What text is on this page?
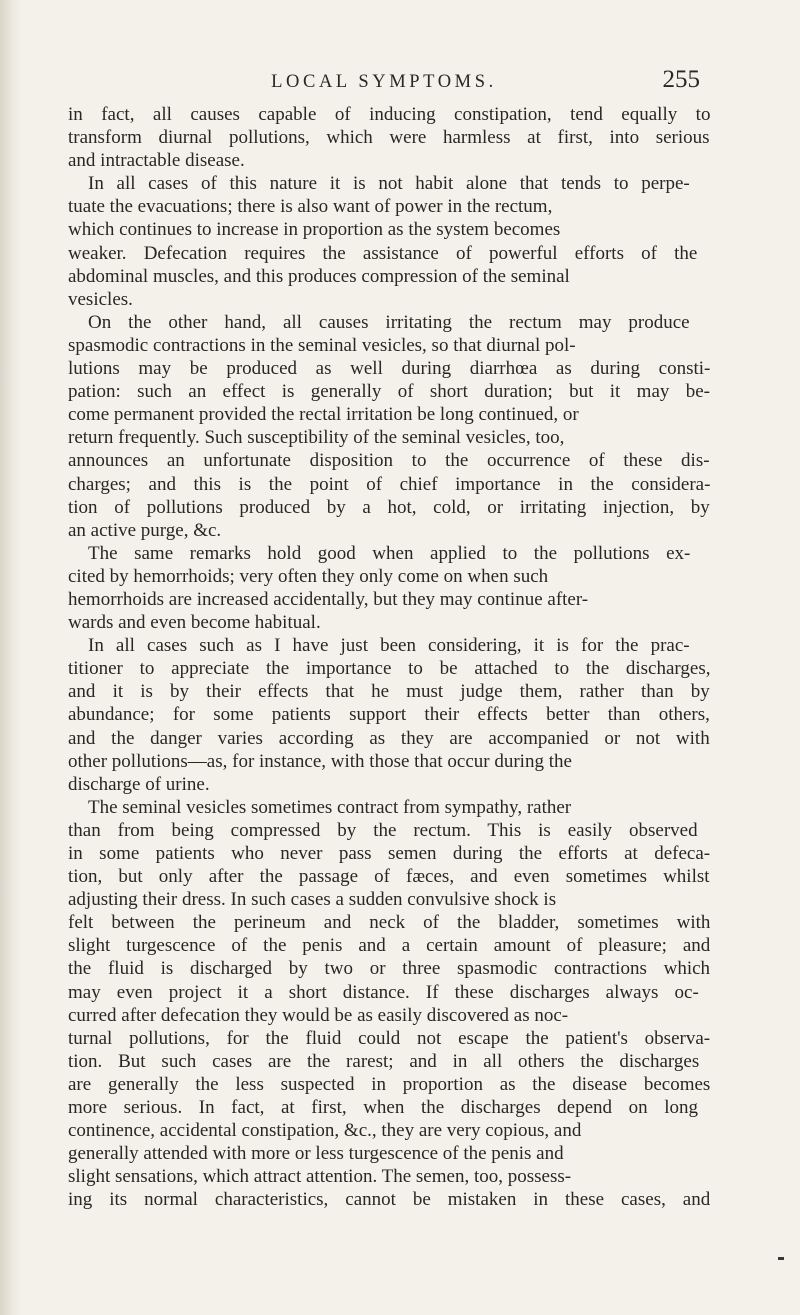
LOCAL SYMPTOMS.	255
in fact, all causes capable of inducing constipation, tend equally to
transform diurnal pollutions, which were harmless at first, into serious
and intractable disease.
In all cases of this nature it is not habit alone that tends to perpe-
tuate the evacuations; there is also want of power in the rectum,
which continues to increase in proportion as the system becomes
weaker. Defecation requires the assistance of powerful efforts of the
abdominal muscles, and this produces compression of the seminal
vesicles.
On the other hand, all causes irritating the rectum may produce
spasmodic contractions in the seminal vesicles, so that diurnal pol-
lutions may be produced as well during diarrhœa as during consti-
pation: such an effect is generally of short duration; but it may be-
come permanent provided the rectal irritation be long continued, or
return frequently. Such susceptibility of the seminal vesicles, too,
announces an unfortunate disposition to the occurrence of these dis-
charges; and this is the point of chief importance in the considera-
tion of pollutions produced by a hot, cold, or irritating injection, by
an active purge, &c.
The same remarks hold good when applied to the pollutions ex-
cited by hemorrhoids; very often they only come on when such
hemorrhoids are increased accidentally, but they may continue after-
wards and even become habitual.
In all cases such as I have just been considering, it is for the prac-
titioner to appreciate the importance to be attached to the discharges,
and it is by their effects that he must judge them, rather than by
abundance; for some patients support their effects better than others,
and the danger varies according as they are accompanied or not with
other pollutions—as, for instance, with those that occur during the
discharge of urine.
The seminal vesicles sometimes contract from sympathy, rather
than from being compressed by the rectum. This is easily observed
in some patients who never pass semen during the efforts at defeca-
tion, but only after the passage of fæces, and even sometimes whilst
adjusting their dress. In such cases a sudden convulsive shock is
felt between the perineum and neck of the bladder, sometimes with
slight turgescence of the penis and a certain amount of pleasure; and
the fluid is discharged by two or three spasmodic contractions which
may even project it a short distance. If these discharges always oc-
curred after defecation they would be as easily discovered as noc-
turnal pollutions, for the fluid could not escape the patient's observa-
tion. But such cases are the rarest; and in all others the discharges
are generally the less suspected in proportion as the disease becomes
more serious. In fact, at first, when the discharges depend on long
continence, accidental constipation, &c., they are very copious, and
generally attended with more or less turgescence of the penis and
slight sensations, which attract attention. The semen, too, possess-
ing its normal characteristics, cannot be mistaken in these cases, and
